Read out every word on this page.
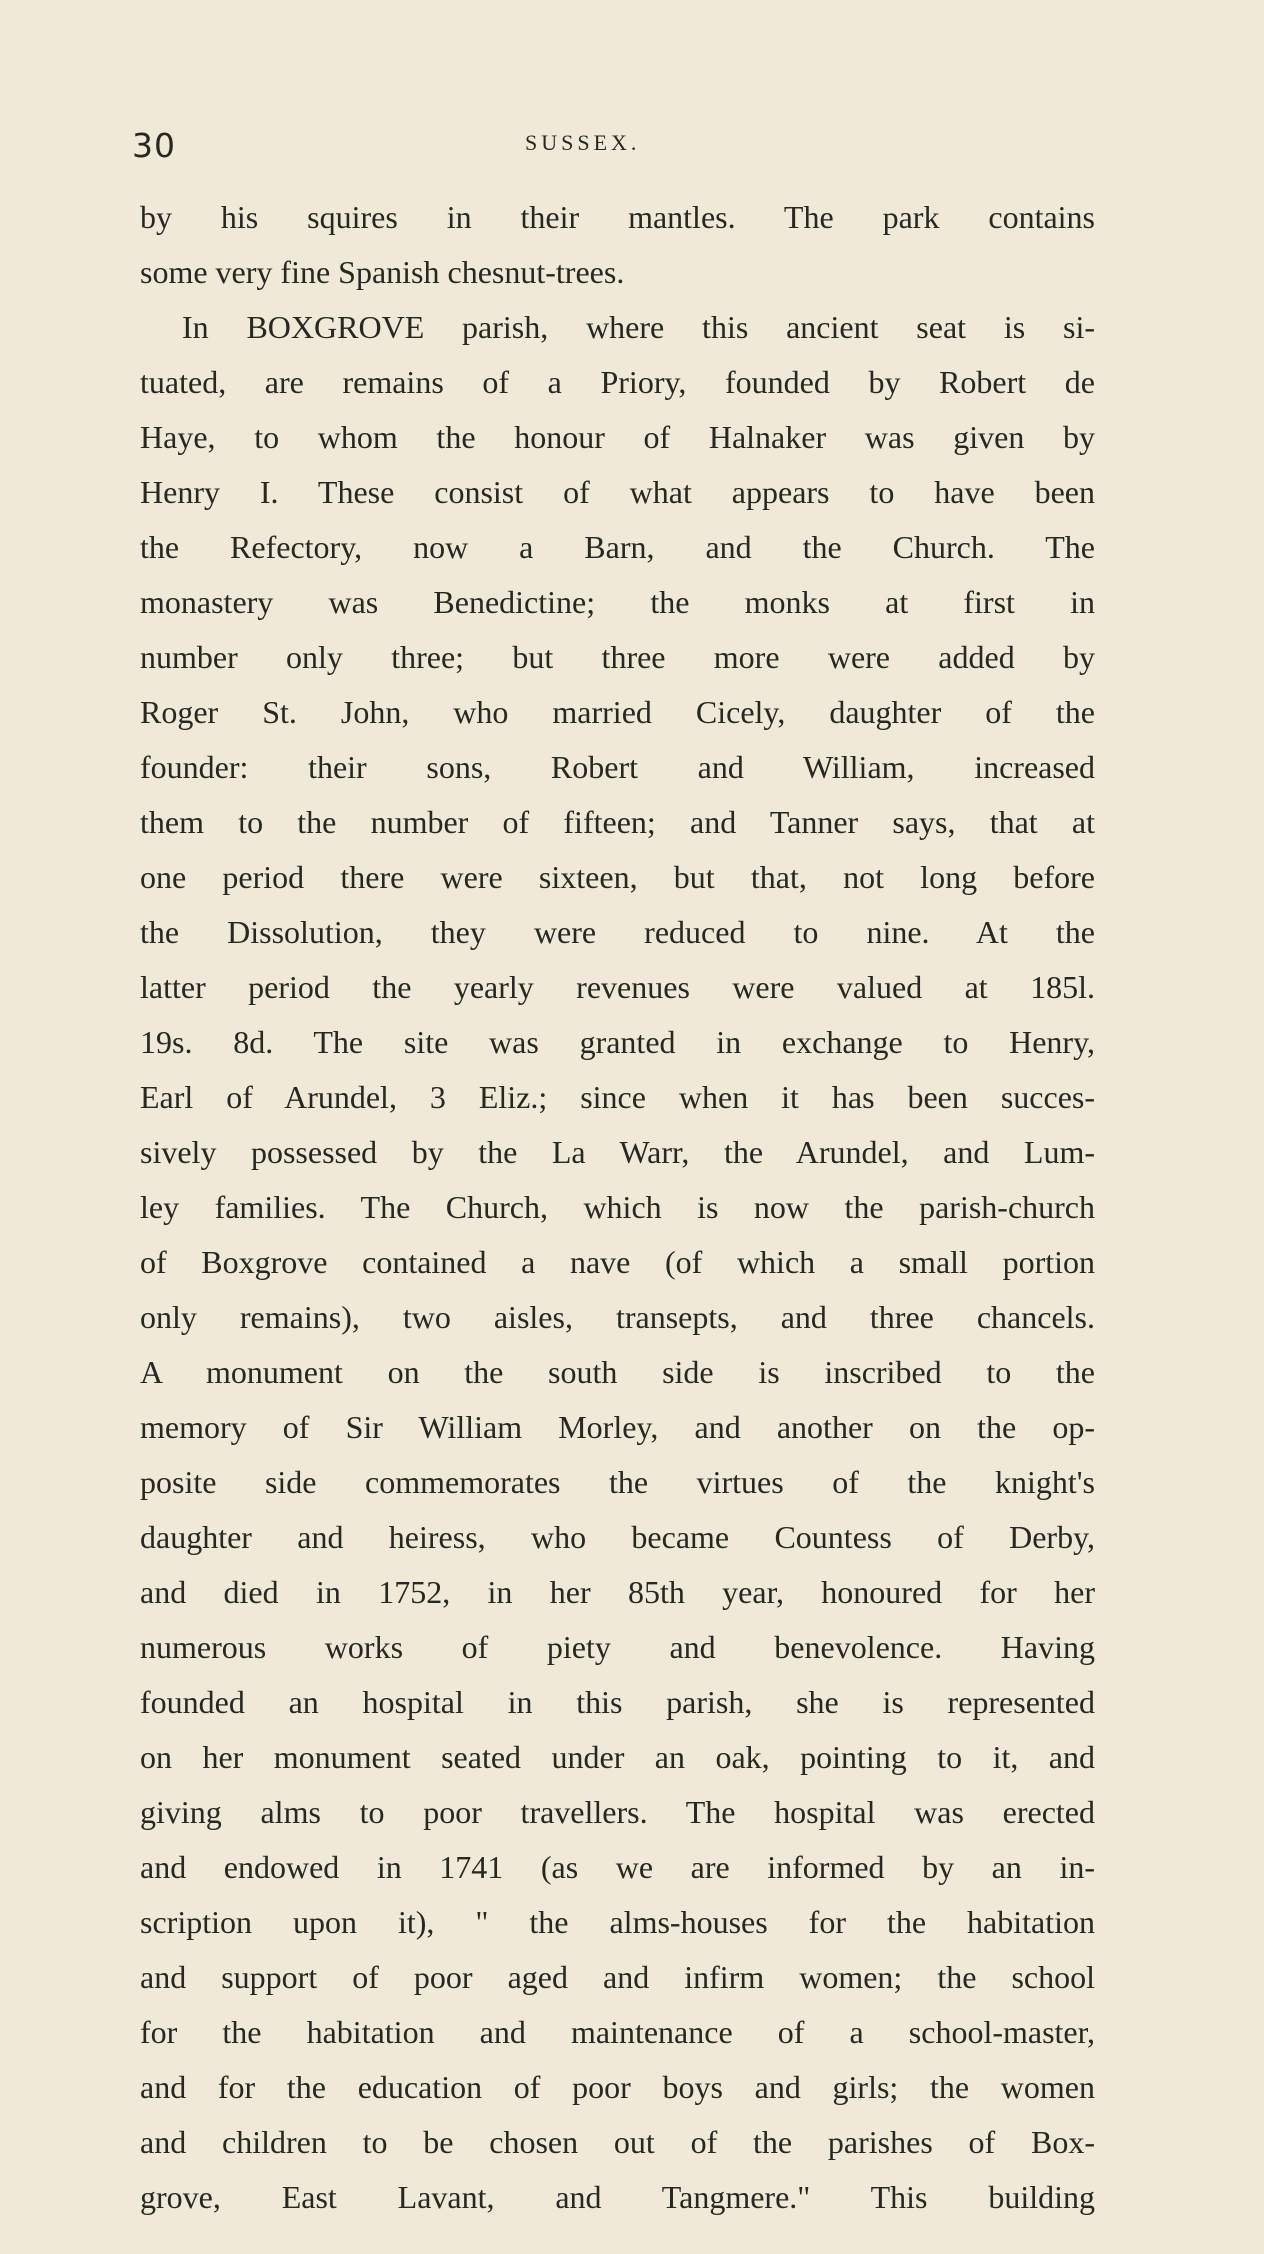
30	SUSSEX.
by his squires in their mantles. The park contains
some very fine Spanish chesnut-trees.
In BOXGROVE parish, where this ancient seat is si-
tuated, are remains of a Priory, founded by Robert de
Haye, to whom the honour of Halnaker was given by
Henry I. These consist of what appears to have been
the Refectory, now a Barn, and the Church. The
monastery was Benedictine; the monks at first in
number only three; but three more were added by
Roger St. John, who married Cicely, daughter of the
founder: their sons, Robert and William, increased
them to the number of fifteen; and Tanner says, that at
one period there were sixteen, but that, not long before
the Dissolution, they were reduced to nine. At the
latter period the yearly revenues were valued at 185l.
19s. 8d. The site was granted in exchange to Henry,
Earl of Arundel, 3 Eliz.; since when it has been succes-
sively possessed by the La Warr, the Arundel, and Lum-
ley families. The Church, which is now the parish-church
of Boxgrove contained a nave (of which a small portion
only remains), two aisles, transepts, and three chancels.
A monument on the south side is inscribed to the
memory of Sir William Morley, and another on the op-
posite side commemorates the virtues of the knight's
daughter and heiress, who became Countess of Derby,
and died in 1752, in her 85th year, honoured for her
numerous works of piety and benevolence. Having
founded an hospital in this parish, she is represented
on her monument seated under an oak, pointing to it, and
giving alms to poor travellers. The hospital was erected
and endowed in 1741 (as we are informed by an in-
scription upon it), " the alms-houses for the habitation
and support of poor aged and infirm women; the school
for the habitation and maintenance of a school-master,
and for the education of poor boys and girls; the women
and children to be chosen out of the parishes of Box-
grove, East Lavant, and Tangmere." This building
